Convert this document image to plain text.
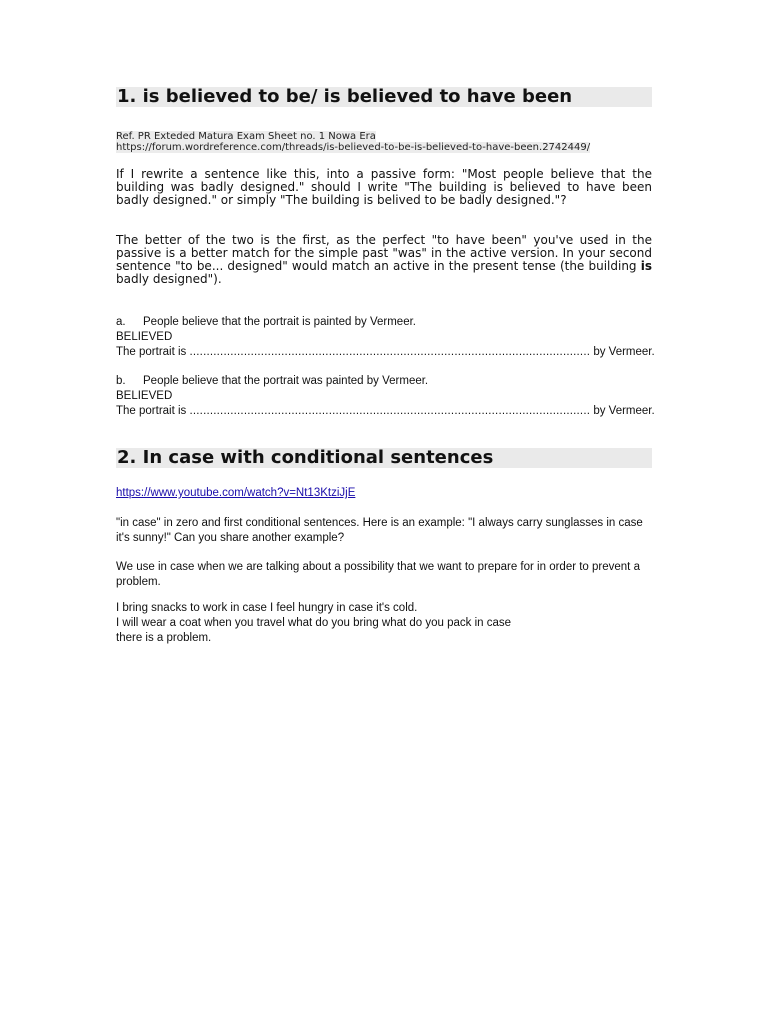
1. is believed to be/ is believed to have been
Ref. PR Exteded Matura Exam Sheet no. 1 Nowa Era
https://forum.wordreference.com/threads/is-believed-to-be-is-believed-to-have-been.2742449/

If I rewrite a sentence like this, into a passive form: "Most people believe that the building was badly designed." should I write "The building is believed to have been badly designed." or simply "The building is belived to be badly designed."?

The better of the two is the first, as the perfect "to have been" you've used in the passive is a better match for the simple past "was" in the active version. In your second sentence "to be... designed" would match an active in the present tense (the building is badly designed").

a. People believe that the portrait is painted by Vermeer.
BELIEVED
The portrait is ...................................................................................................................... by Vermeer.
b. People believe that the portrait was painted by Vermeer.
BELIEVED
The portrait is ...................................................................................................................... by Vermeer.
2. In case with conditional sentences
https://www.youtube.com/watch?v=Nt13KtziJjE
"in case" in zero and first conditional sentences. Here is an example: "I always carry sunglasses in case it's sunny!" Can you share another example?
We use in case when we are talking about a possibility that we want to prepare for in order to prevent a problem.
I bring snacks to work in case I feel hungry in case it's cold.
I will wear a coat when you travel what do you bring what do you pack in case
there is a problem.
